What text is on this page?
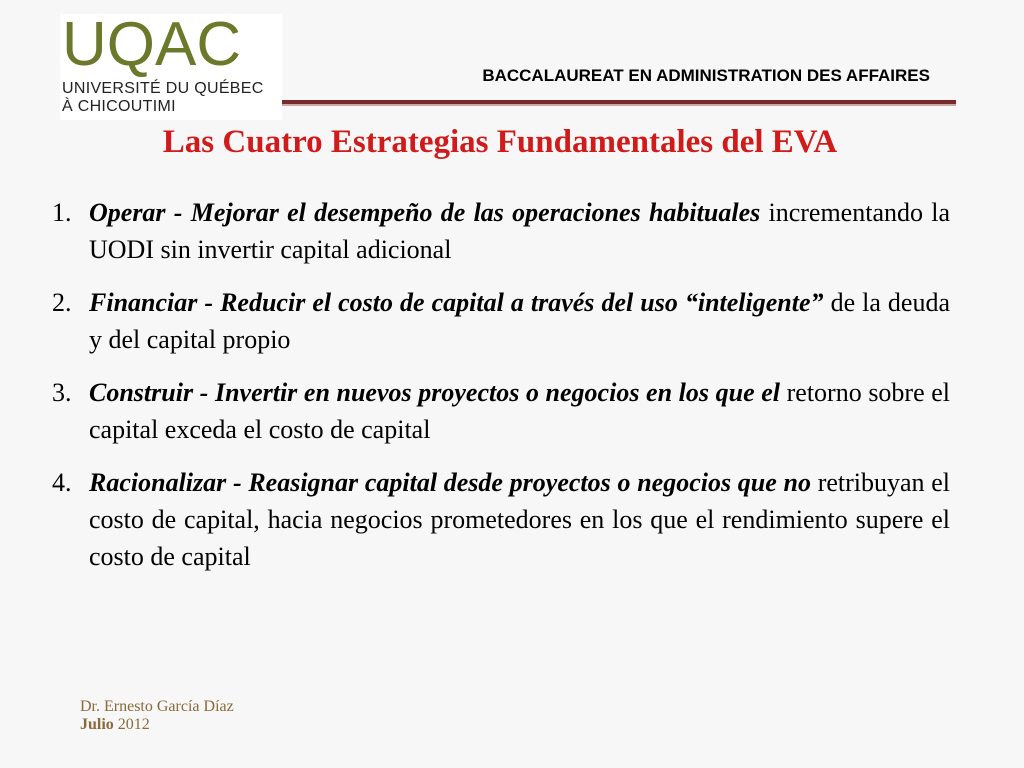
UQAC
UNIVERSITÉ DU QUÉBEC
À CHICOUTIMI
BACCALAUREAT EN ADMINISTRATION DES AFFAIRES
Las Cuatro Estrategias Fundamentales del EVA
1. Operar - Mejorar el desempeño de las operaciones habituales incrementando la UODI sin invertir capital adicional
2. Financiar - Reducir el costo de capital a través del uso “inteligente” de la deuda y del capital propio
3. Construir - Invertir en nuevos proyectos o negocios en los que el retorno sobre el capital exceda el costo de capital
4. Racionalizar - Reasignar capital desde proyectos o negocios que no retribuyan el costo de capital, hacia negocios prometedores en los que el rendimiento supere el costo de capital
Dr. Ernesto García Díaz
Julio 2012
